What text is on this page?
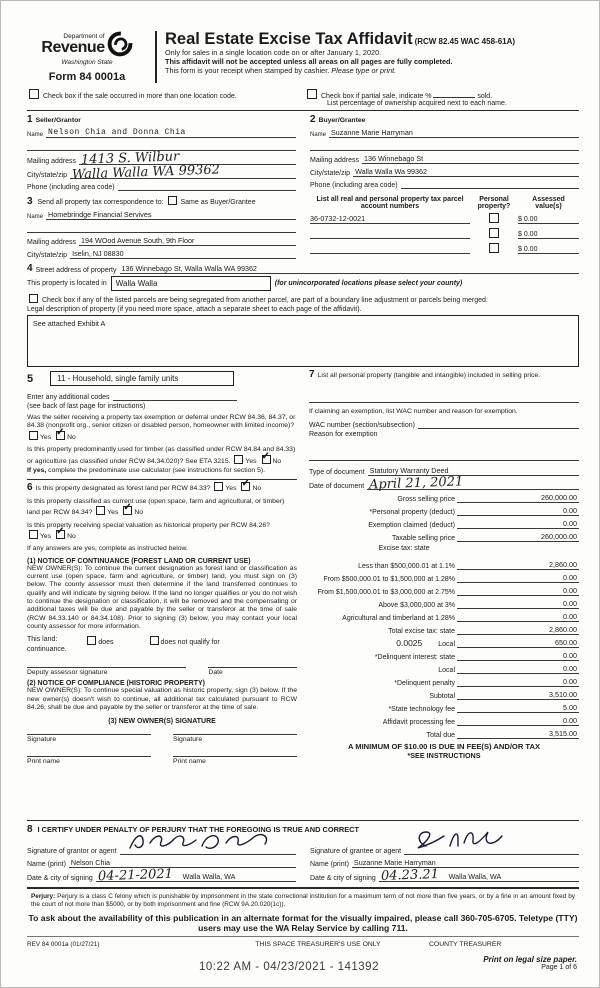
Department of
Revenue
Washington State
Form 84 0001a
Real Estate Excise Tax Affidavit (RCW 82.45 WAC 458-61A)
Only for sales in a single location code on or after January 1, 2020.
This affidavit will not be accepted unless all areas on all pages are fully completed.
This form is your receipt when stamped by cashier. Please type or print.
Check box if the sale occurred in more than one location code.	Check box if partial sale, indicate %	sold.
List percentage of ownership acquired next to each name.
1 Seller/Grantor
Name Nelson Chia and Donna Chia
Mailing address 1413 S. Wilbur
City/state/zip Walla Walla WA 99362
Phone (including area code)
2 Buyer/Grantee
Name Suzanne Marie Harryman
Mailing address 136 Winnebago St
City/state/zip Walla Walla Wa 99362
Phone (including area code)
3 Send all property tax correspondence to: Same as Buyer/Grantee
Name Homebrindge Financial Servives
Mailing address 194 WOod Avenue South, 9th Floor
City/state/zip Iselin, NJ 08830
List all real and personal property tax parcel account numbers
Personal property?
Assessed value(s)
36-0732-12-0021	$ 0.00
$ 0.00
$ 0.00
4 Street address of property 136 Winnebago St, Walla Walla WA 99362
This property is located in	Walla Walla	(for unincorporated locations please select your county)
Check box if any of the listed parcels are being segregated from another parcel, are part of a boundary line adjustment or parcels being merged.
Legal description of property (if you need more space, attach a separate sheet to each page of the affidavit).
See attached Exhibit A
5	11 - Household, single family units
Enter any additional codes
(see back of last page for instructions)
Was the seller receiving a property tax exemption or deferral under RCW 84.36, 84.37, or 84.38 (nonprofit org., senior citizen or disabled person, homeowner with limited income)? Yes ✓ No
Is this property predominantly used for timber (as classified under RCW 84.84 and 84.33) or agriculture (as classified under RCW 84.34.020)? See ETA 3215. Yes ✓ No
If yes, complete the predominate use calculator (see instructions for section 5).
6 Is this property designated as forest land per RCW 84.33? Yes ✓ No
Is this property classified as current use (open space, farm and agricultural, or timber) land per RCW 84.34? Yes ✓ No
Is this property receiving special valuation as historical property per RCW 84.26? Yes ✓ No
If any answers are yes, complete as instructed below.
(1) NOTICE OF CONTINUANCE (FOREST LAND OR CURRENT USE)
NEW OWNER(S): To continue the current designation as forest land or classification as current use (open space, farm and agriculture, or timber) land, you must sign on (3) below. The county assessor must then determine if the land transferred continues to qualify and will indicate by signing below. If the land no longer qualifies or you do not wish to continue the designation or classification, it will be removed and the compensating or additional taxes will be due and payable by the seller or transferor at the time of sale (RCW 84.33.140 or 84.34.108). Prior to signing (3) below, you may contact your local county assessor for more information.
This land:	does	does not qualify for
continuance.
Deputy assessor signature	Date
(2) NOTICE OF COMPLIANCE (HISTORIC PROPERTY)
NEW OWNER(S): To continue special valuation as historic property, sign (3) below. If the new owner(s) doesn't wish to continue, all additional tax calculated pursuant to RCW 84.26, shall be due and payable by the seller or transferor at the time of sale.
(3) NEW OWNER(S) SIGNATURE
Signature	Signature
Print name	Print name
7 List all personal property (tangible and intangible) included in selling price.
If claiming an exemption, list WAC number and reason for exemption.
WAC number (section/subsection)
Reason for exemption
Type of document Statutory Warranty Deed
Date of document April 21, 2021
Gross selling price	260,000.00
*Personal property (deduct)	0.00
Exemption claimed (deduct)	0.00
Taxable selling price	260,000.00
Excise tax: state
Less than $500,000.01 at 1.1%	2,860.00
From $500,000.01 to $1,500,000 at 1.28%	0.00
From $1,500,000.01 to $3,000,000 at 2.75%	0.00
Above $3,000,000 at 3%	0.00
Agricultural and timberland at 1.28%	0.00
Total excise tax: state	2,860.00
0.0025	Local	650.00
*Delinquent interest: state	0.00
Local	0.00
*Delinquent penalty	0.00
Subtotal	3,510.00
*State technology fee	5.00
Affidavit processing fee	0.00
Total due	3,515.00
A MINIMUM OF $10.00 IS DUE IN FEE(S) AND/OR TAX
*SEE INSTRUCTIONS
8 I CERTIFY UNDER PENALTY OF PERJURY THAT THE FOREGOING IS TRUE AND CORRECT
Signature of grantor or agent
Name (print) Nelson Chia
Date & city of signing 04-21-2021 Walla Walla, WA
Signature of grantee or agent
Name (print) Suzanne Marie Harryman
Date & city of signing 04.23.21 Walla Walla, WA
Perjury: Perjury is a class C felony which is punishable by imprisonment in the state correctional institution for a maximum term of not more than five years, or by a fine in an amount fixed by the court of not more than $5000, or by both imprisonment and fine (RCW 9A.20.020(1c)).
To ask about the availability of this publication in an alternate format for the visually impaired, please call 360-705-6705. Teletype (TTY) users may use the WA Relay Service by calling 711.
REV 84 0001a (01/27/21)	THIS SPACE TREASURER'S USE ONLY	COUNTY TREASURER
Print on legal size paper.
Page 1 of 6
10:22 AM - 04/23/2021 - 141392
